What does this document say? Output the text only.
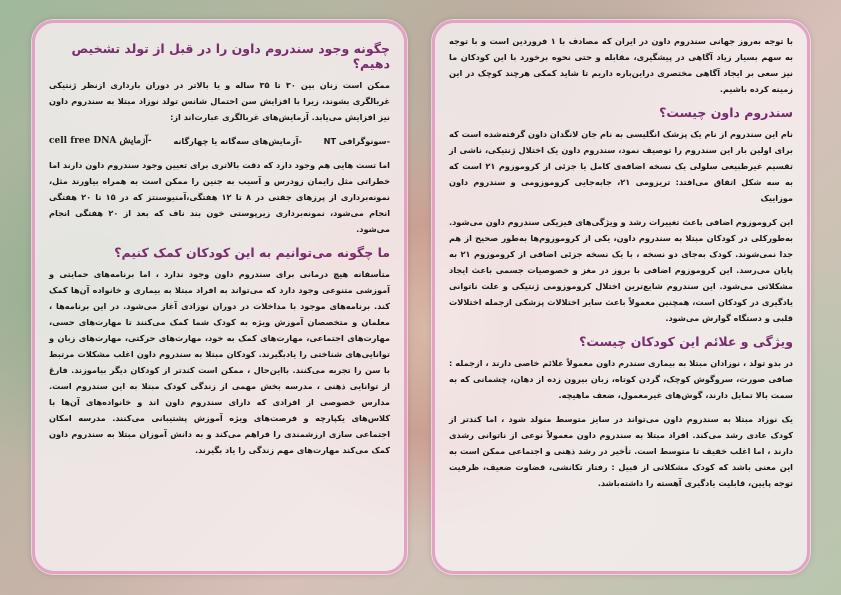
با توجه به‌روز جهانی سندروم داون در ایران که مصادف با ۱ فروردین است و با توجه به سهم بسیار زیاد آگاهی در پیشگیری، مقابله و حتی نحوه برخورد با این کودکان ما نیز سعی بر ایجاد آگاهی مختصری دراین‌باره داریم تا شاید کمکی هرچند کوچک در این زمینه کرده باشیم.

سندروم داون چیست؟

نام این سندروم از نام یک پزشک انگلیسی به نام جان لانگدان داون گرفته‌شده است که برای اولین بار این سندروم را توصیف نمود، سندروم داون یک اختلال ژنتیکی، ناشی از تقسیم غیرطبیعی سلولی یک نسخه اضافه‌ی کامل یا جزئی از کروموزوم ۲۱ است که به سه شکل اتفاق می‌افتد: تریزومی ۲۱، جابه‌جایی کروموزومی و سندروم داون موزاییک

این کروموزوم اضافی باعث تغییرات رشد و ویژگی‌های فیزیکی سندروم داون می‌شود. به‌طورکلی در کودکان مبتلا به سندروم داون، یکی از کروموزوم‌ها به‌طور صحیح از هم جدا نمی‌شوند. کودک به‌جای دو نسخه ، با یک نسخه جزئی اضافی از کروموزوم ۲۱ به پایان می‌رسد. این کروموزوم اضافی با بروز در مغز و خصوصیات جسمی باعث ایجاد مشکلاتی می‌شود. این سندروم شایع‌ترین اختلال کروموزومی ژنتیکی و علت ناتوانی یادگیری در کودکان است، همچنین معمولاً باعث سایر اختلالات پزشکی ازجمله اختلالات قلبی و دستگاه گوارش می‌شود.

ویژگی و علائم این کودکان چیست؟

در بدو تولد ، نوزادان مبتلا به بیماری سندرم داون معمولاً علائم خاصی دارند ، ازجمله : صافی صورت، سروگوش کوچک، گردن کوتاه، زبان بیرون زده از دهان، چشمانی که به سمت بالا تمایل دارند، گوش‌های غیرمعمول، ضعف ماهیچه.

یک نوزاد مبتلا به سندروم داون می‌تواند در سایز متوسط متولد شود ، اما کندتر از کودک عادی رشد می‌کند. افراد مبتلا به سندروم داون معمولاً نوعی از ناتوانی رشدی دارند ، اما اغلب خفیف تا متوسط است. تأخیر در رشد ذهنی و اجتماعی ممکن است به این معنی باشد که کودک مشکلاتی از قبیل : رفتار تکانشی، قضاوت ضعیف، ظرفیت توجه پایین، قابلیت یادگیری آهسته را داشته‌باشد.

چگونه وجود سندروم داون را در قبل از تولد تشخیص دهیم؟

ممکن است زنان بین ۳۰ تا ۳۵ ساله و یا بالاتر در دوران بارداری ازنظر ژنتیکی غربالگری بشوند، زیرا با افزایش سن احتمال شانس تولد نوزاد مبتلا به سندروم داون نیز افزایش می‌یابد. آزمایش‌های غربالگری عبارت‌اند از:

-سونوگرافی NT
-آزمایش‌های سه‌گانه یا چهارگانه
-آزمایش cell free DNA

اما تست هایی هم وجود دارد که دقت بالاتری برای تعیین وجود سندروم داون دارند اما خطراتی مثل زایمان زودرس و آسیب به جنین را ممکن است به همراه بیاورند مثل، نمونه‌برداری از پرزهای جفتی در ۸ تا ۱۲ هفتگی،آمنیوسنتز که در ۱۵ تا ۲۰ هفتگی انجام می‌شود، نمونه‌برداری زیرپوستی خون بند ناف که بعد از ۲۰ هفتگی انجام می‌شود.

ما چگونه می‌توانیم به این کودکان کمک کنیم؟

متأسفانه هیچ درمانی برای سندروم داون وجود ندارد ، اما برنامه‌های حمایتی و آموزشی متنوعی وجود دارد که می‌تواند به افراد مبتلا به بیماری و خانواده آن‌ها کمک کند. برنامه‌های موجود با مداخلات در دوران نوزادی آغاز می‌شود. در این برنامه‌ها ، معلمان و متخصصان آموزش ویژه به کودک شما کمک می‌کنند تا مهارت‌های حسی، مهارت‌های اجتماعی، مهارت‌های کمک به خود، مهارت‌های حرکتی، مهارت‌های زبان و توانایی‌های شناختی را یادبگیرند. کودکان مبتلا به سندروم داون اغلب مشکلات مرتبط با سن را تجربه می‌کنند. بااین‌حال ، ممکن است کندتر از کودکان دیگر بیاموزند. فارغ از توانایی ذهنی ، مدرسه بخش مهمی از زندگی کودک مبتلا به این سندروم است. مدارس خصوصی از افرادی که دارای سندروم داون اند و خانواده‌های آن‌ها با کلاس‌های یکپارچه و فرصت‌های ویژه آموزش پشتیبانی می‌کنند. مدرسه امکان اجتماعی سازی ارزشمندی را فراهم می‌کند و به دانش آموزان مبتلا به سندروم داون کمک می‌کند مهارت‌های مهم زندگی را یاد بگیرند.
